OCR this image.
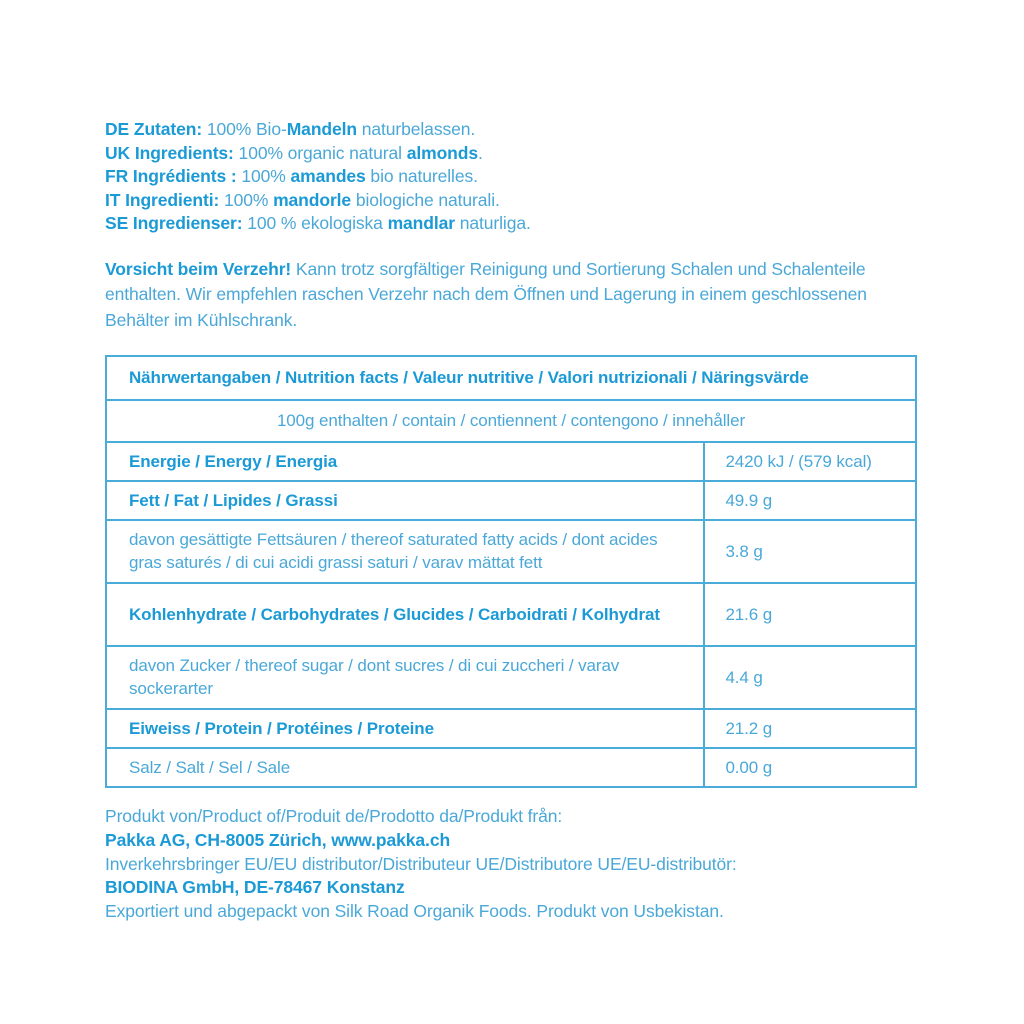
DE Zutaten: 100% Bio-Mandeln naturbelassen.
UK Ingredients: 100% organic natural almonds.
FR Ingrédients : 100% amandes bio naturelles.
IT Ingredienti: 100% mandorle biologiche naturali.
SE Ingredienser: 100 % ekologiska mandlar naturliga.
Vorsicht beim Verzehr! Kann trotz sorgfältiger Reinigung und Sortierung Schalen und Schalenteile enthalten. Wir empfehlen raschen Verzehr nach dem Öffnen und Lagerung in einem geschlossenen Behälter im Kühlschrank.
Nährwertangaben / Nutrition facts / Valeur nutritive / Valori nutrizionali / Näringsvärde	
100g enthalten / contain / contiennent / contengono / innehåller	
Energie / Energy / Energia	2420 kJ / (579 kcal)
Fett / Fat / Lipides / Grassi	49.9 g
davon gesättigte Fettsäuren / thereof saturated fatty acids / dont acides gras saturés / di cui acidi grassi saturi / varav mättat fett	3.8 g
Kohlenhydrate / Carbohydrates / Glucides / Carboidrati / Kolhydrat	21.6 g
davon Zucker / thereof sugar / dont sucres / di cui zuccheri / varav sockerarter	4.4 g
Eiweiss / Protein / Protéines / Proteine	21.2 g
Salz / Salt / Sel / Sale	0.00 g
Produkt von/Product of/Produit de/Prodotto da/Produkt från:
Pakka AG, CH-8005 Zürich, www.pakka.ch
Inverkehrsbringer EU/EU distributor/Distributeur UE/Distributore UE/EU-distributör:
BIODINA GmbH, DE-78467 Konstanz
Exportiert und abgepackt von Silk Road Organik Foods. Produkt von Usbekistan.
